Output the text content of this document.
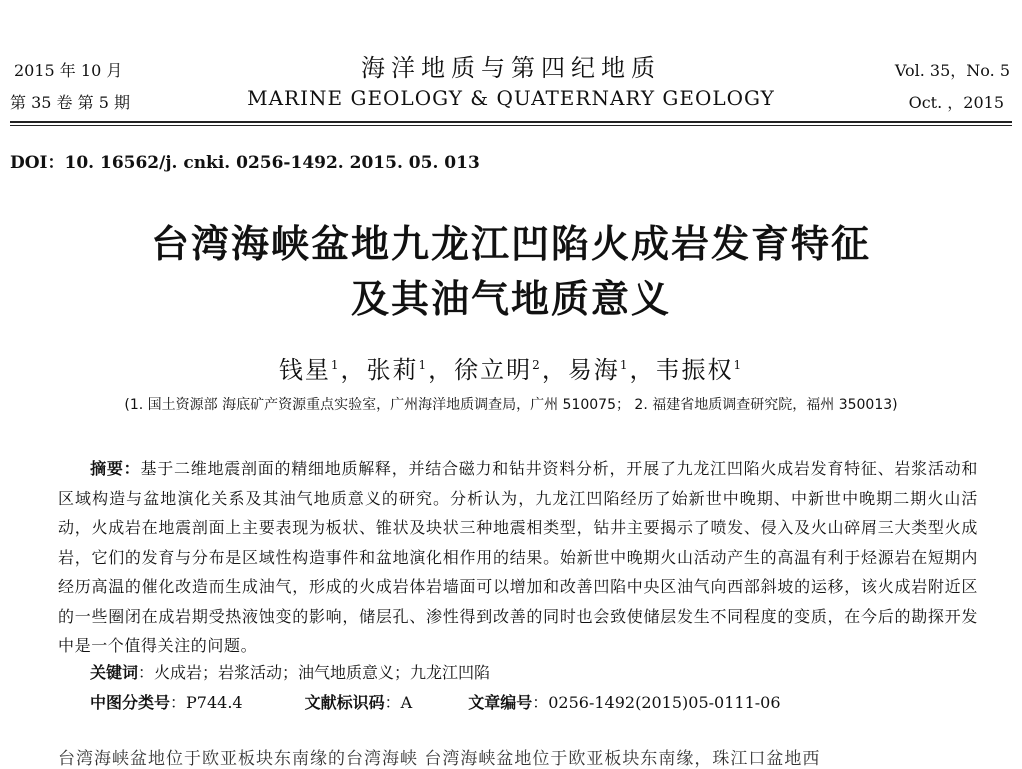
2015 年 10 月
第 35 卷 第 5 期
海洋地质与第四纪地质
MARINE GEOLOGY & QUATERNARY GEOLOGY
Vol. 35，No. 5
Oct. ，2015
DOI：10. 16562/j. cnki. 0256-1492. 2015. 05. 013
台湾海峡盆地九龙江凹陷火成岩发育特征
及其油气地质意义
钱星$^1$，张莉$^1$，徐立明$^2$，易海$^1$，韦振权$^1$
(1. 国土资源部 海底矿产资源重点实验室，广州海洋地质调查局，广州 510075； 2. 福建省地质调查研究院，福州 350013)
摘要：基于二维地震剖面的精细地质解释，并结合磁力和钻井资料分析，开展了九龙江凹陷火成岩发育特征、岩浆活动和区域构造与盆地演化关系及其油气地质意义的研究。分析认为，九龙江凹陷经历了始新世中晚期、中新世中晚期二期火山活动，火成岩在地震剖面上主要表现为板状、锥状及块状三种地震相类型，钻井主要揭示了喷发、侵入及火山碎屑三大类型火成岩，它们的发育与分布是区域性构造事件和盆地演化相作用的结果。始新世中晚期火山活动产生的高温有利于烃源岩在短期内经历高温的催化改造而生成油气，形成的火成岩体岩墙面可以增加和改善凹陷中央区油气向西部斜坡的运移，该火成岩附近区的一些圈闭在成岩期受热液蚀变的影响，储层孔、渗性得到改善的同时也会致使储层发生不同程度的变质，在今后的勘探开发中是一个值得关注的问题。
关键词：火成岩；岩浆活动；油气地质意义；九龙江凹陷
中图分类号：P744.4	文献标识码：A	文章编号：0256-1492(2015)05-0111-06
台湾海峡盆地位于欧亚板块东南缘的台湾海峡 台湾海峡盆地位于欧亚板块东南缘，珠江口盆地西
